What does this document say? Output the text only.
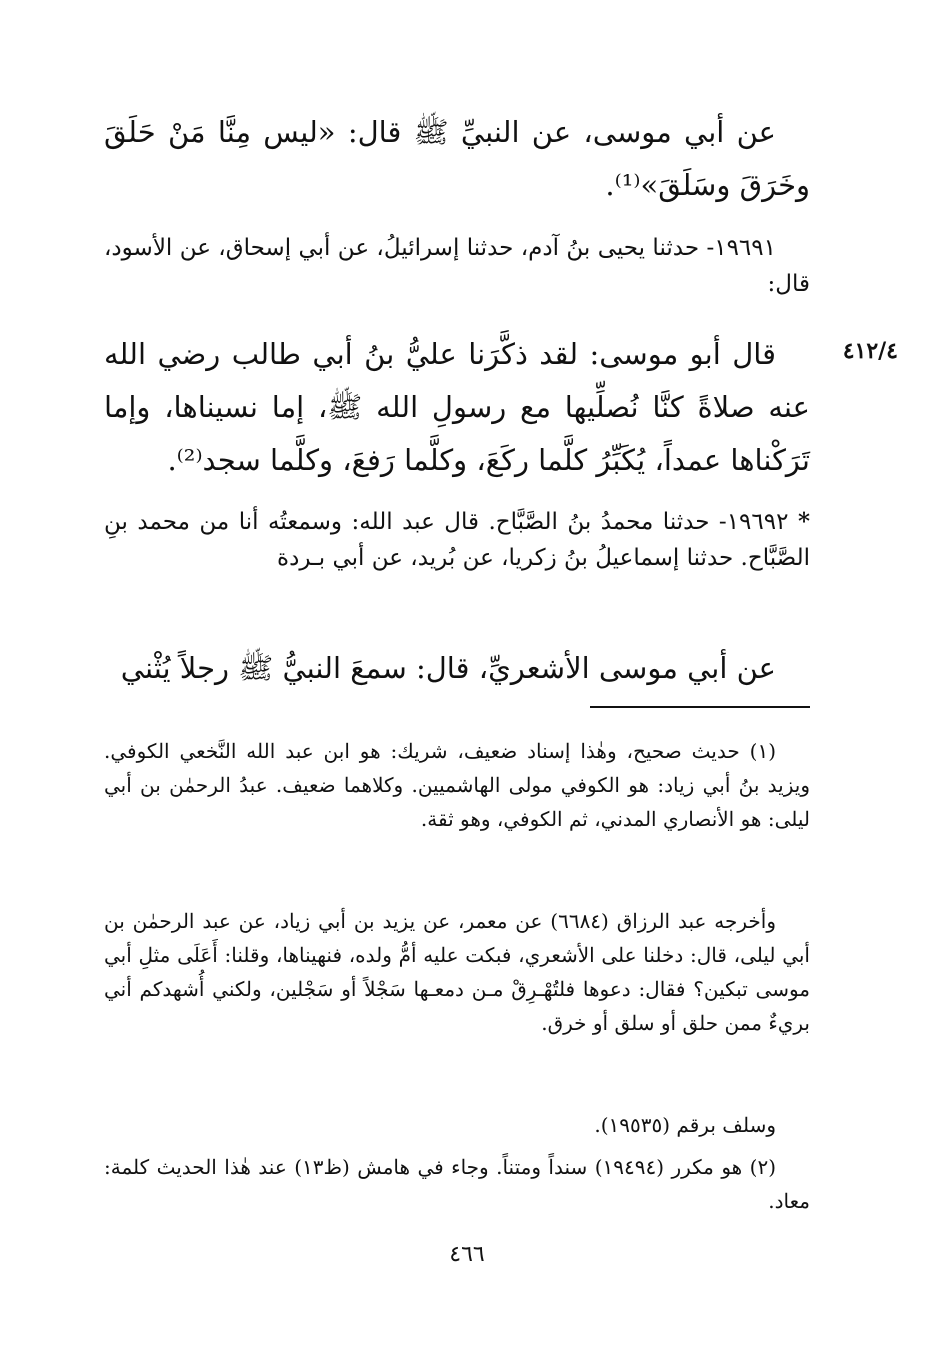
عن أبي موسى، عن النبيِّ ﷺ قال: «ليس مِنَّا مَنْ حَلَقَ وخَرَقَ وسَلَقَ»⁽¹⁾.

١٩٦٩١- حدثنا يحيى بنُ آدم، حدثنا إسرائيلُ، عن أبي إسحاق، عن الأسود، قال:

٤١٢/٤

قال أبو موسى: لقد ذكَّرَنا عليُّ بنُ أبي طالب رضي الله عنه صلاةً كنَّا نُصلِّيها مع رسولِ الله ﷺ، إما نسيناها، وإما تَرَكْناها عمداً، يُكَبِّرُ كلَّما ركَعَ، وكلَّما رَفعَ، وكلَّما سجد⁽²⁾.

* ١٩٦٩٢- حدثنا محمدُ بنُ الصَّبَّاح. قال عبد الله: وسمعتُه أنا من محمد بنِ الصَّبَّاح. حدثنا إسماعيلُ بنُ زكريا، عن بُريد، عن أبي بـردة

عن أبي موسى الأشعريِّ، قال: سمعَ النبيُّ ﷺ رجلاً يُثْني

(١) حديث صحيح، وهٰذا إسناد ضعيف، شريك: هو ابن عبد الله النَّخعي الكوفي. ويزيد بنُ أبي زياد: هو الكوفي مولى الهاشميين. وكلاهما ضعيف. عبدُ الرحمٰن بن أبي ليلى: هو الأنصاري المدني، ثم الكوفي، وهو ثقة.

وأخرجه عبد الرزاق (٦٦٨٤) عن معمر، عن يزيد بن أبي زياد، عن عبد الرحمٰن بن أبي ليلى، قال: دخلنا على الأشعري، فبكت عليه أمُّ ولده، فنهيناها، وقلنا: أَعَلَى مثلِ أبي موسى تبكين؟ فقال: دعوها فلتُهْـرِقْ مـن دمعـها سَجْلاً أو سَجْلين، ولكني أُشهدكم أني بريءٌ ممن حلق أو سلق أو خرق.

وسلف برقم (١٩٥٣٥).

(٢) هو مكرر (١٩٤٩٤) سنداً ومتناً. وجاء في هامش (ظ١٣) عند هٰذا الحديث كلمة: معاد.

٤٦٦
